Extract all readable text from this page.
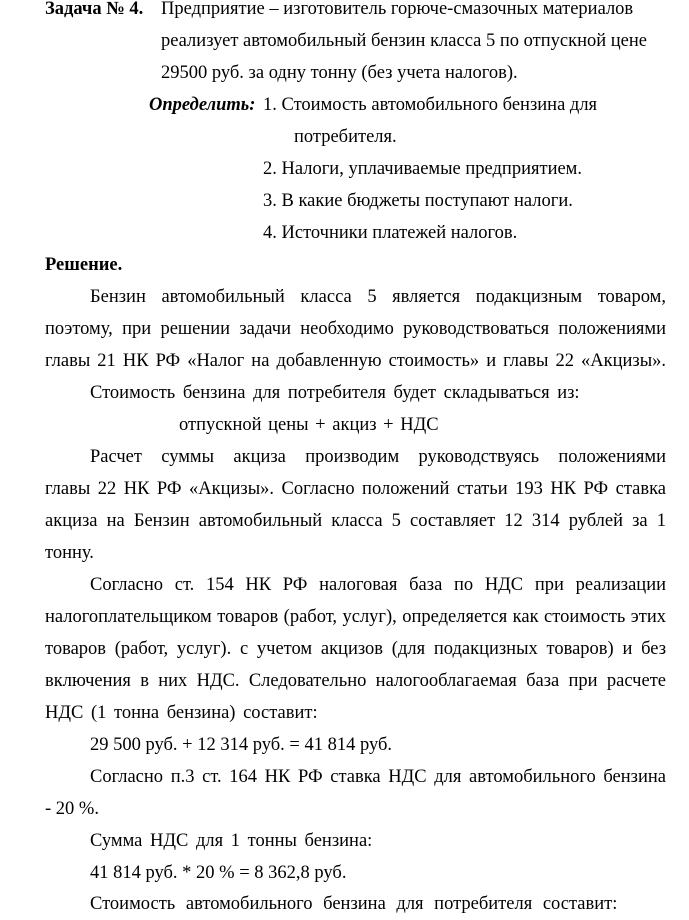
Задача № 4. Предприятие – изготовитель горюче-смазочных материалов

реализует автомобильный бензин класса 5 по отпускной цене

29500 руб. за одну тонну (без учета налогов).

Определить: 1. Стоимость автомобильного бензина для

потребителя.

2. Налоги, уплачиваемые предприятием.

3. В какие бюджеты поступают налоги.

4. Источники платежей налогов.

Решение.

Бензин автомобильный класса 5 является подакцизным товаром,

поэтому, при решении задачи необходимо руководствоваться положениями

главы 21 НК РФ «Налог на добавленную стоимость» и главы 22 «Акцизы».

Стоимость бензина для потребителя будет складываться из:

отпускной цены + акциз + НДС

Расчет суммы акциза производим руководствуясь положениями

главы 22 НК РФ «Акцизы». Согласно положений статьи 193 НК РФ ставка

акциза на Бензин автомобильный класса 5 составляет 12 314 рублей за 1

тонну.

Согласно ст. 154 НК РФ налоговая база по НДС при реализации

налогоплательщиком товаров (работ, услуг), определяется как стоимость этих

товаров (работ, услуг). с учетом акцизов (для подакцизных товаров) и без

включения в них НДС. Следовательно налогооблагаемая база при расчете

НДС (1 тонна бензина) составит:

29 500 руб. + 12 314 руб. = 41 814 руб.

Согласно п.3 ст. 164 НК РФ ставка НДС для автомобильного бензина

- 20 %.

Сумма НДС для 1 тонны бензина:

41 814 руб. * 20 % = 8 362,8 руб.

Стоимость автомобильного бензина для потребителя составит:
